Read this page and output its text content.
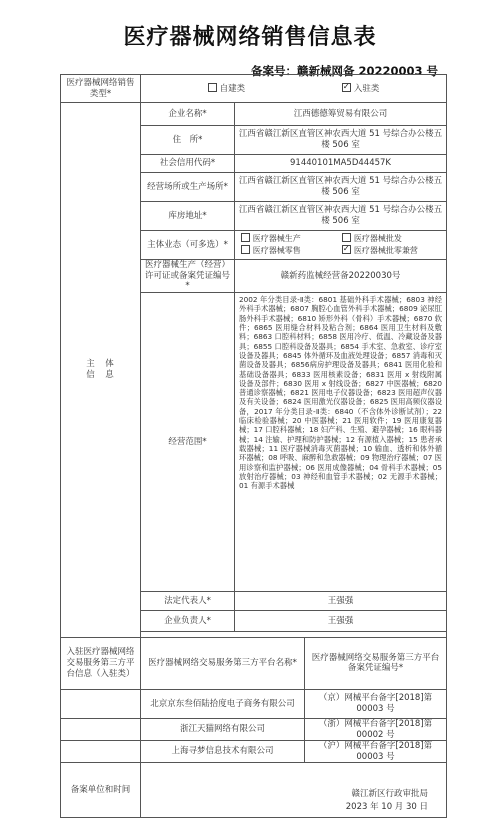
医疗器械网络销售信息表
备案号：赣新械网备 20220003 号
医疗器械网络销售类型*	自建类 ✓ 入驻类

主　体
信　息	企业名称*	江西德德筹贸易有限公司	
	住　所*	江西省赣江新区直管区神农西大道 51 号综合办公楼五楼 506 室	
	社会信用代码*	91440101MA5D44457K	
	经营场所或生产场所*	江西省赣江新区直管区神农西大道 51 号综合办公楼五楼 506 室	
	库房地址*	江西省赣江新区直管区神农西大道 51 号综合办公楼五楼 506 室	
	主体业态（可多选）*	医疗器械生产 医疗器械批发 医疗器械零售 ✓ 医疗器械批零兼营
	医疗器械生产（经营）许可证或备案凭证编号*	赣新药监械经营备20220030号	
	经营范围*	2002 年分类目录-Ⅱ类：6801 基础外科手术器械；6803 神经外科手术器械；6807 胸腔心血管外科手术器械；6809 泌尿肛肠外科手术器械；6810 矫形外科（骨科）手术器械；6870 软件；6865 医用缝合材料及粘合剂；6864 医用卫生材料及敷料；6863 口腔科材料；6858 医用冷疗、低温、冷藏设备及器具；6855 口腔科设备及器具；6854 手术室、急救室、诊疗室设备及器具；6845 体外循环及血液处理设备；6857 消毒和灭菌设备及器具；6856病房护理设备及器具；6841 医用化验和基础设备器具；6833 医用核素设备；6831 医用 x 射线附属设备及部件；6830 医用 x 射线设备；6827 中医器械；6820普通诊察器械；6821 医用电子仪器设备；6823 医用超声仪器及有关设备；6824 医用激光仪器设备；6825 医用高频仪器设备，2017 年分类目录-Ⅱ类：6840（不含体外诊断试剂）；22 临床检验器械；20 中医器械；21 医用软件；19 医用康复器械；17 口腔科器械；18 妇产科、生殖、避孕器械；16 眼科器械；14 注输、护理和防护器械；12 有源植入器械；15 患者承载器械；11 医疗器械消毒灭菌器械；10 输血、透析和体外循环器械；08 呼吸、麻醉和急救器械；09 物理治疗器械；07 医用诊察和监护器械；06 医用成像器械；04 骨科手术器械；05 放射治疗器械；03 神经和血管手术器械；02 无源手术器械；01 有源手术器械	
	法定代表人*	王强强	
	企业负责人*	王强强	

入驻医疗器械网络交易服务第三方平台信息（入驻类）	医疗器械网络交易服务第三方平台名称*		医疗器械网络交易服务第三方平台备案凭证编号*
	北京京东叁佰陆拾度电子商务有限公司		（京）网械平台备字[2018]第 00003 号
	浙江天猫网络有限公司		（浙）网械平台备字[2018]第 00002 号
	上海寻梦信息技术有限公司		（沪）网械平台备字[2018]第 00003 号
备案单位和时间	赣江新区行政审批局
2023 年 10 月 30 日		
